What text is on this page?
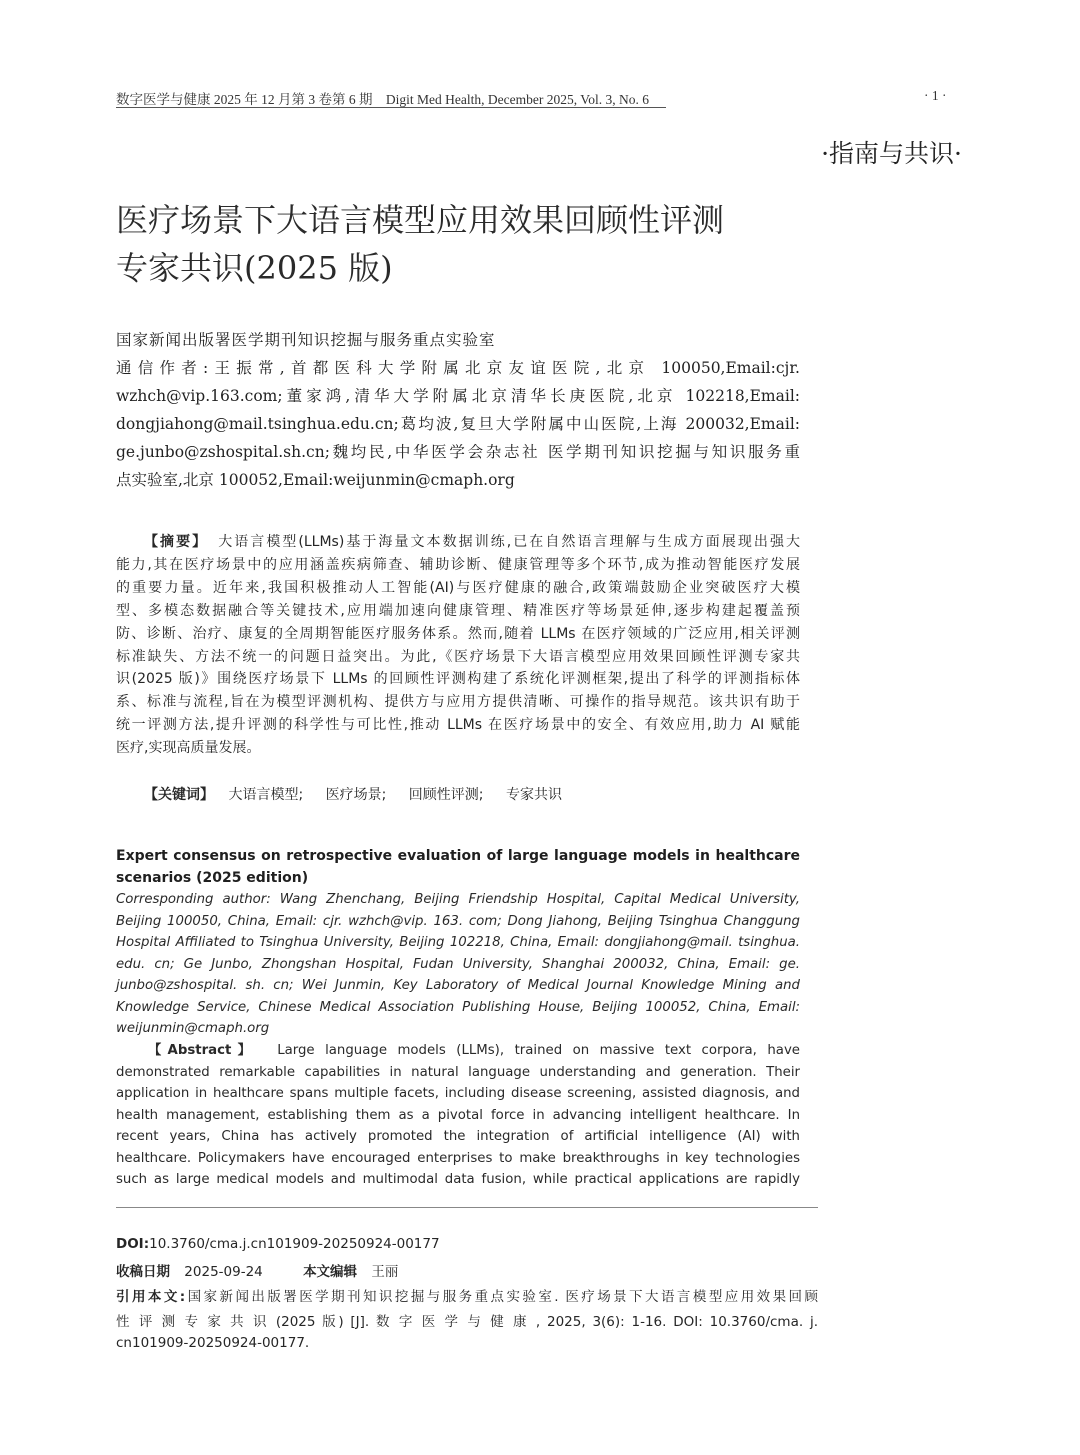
数字医学与健康 2025 年 12 月第 3 卷第 6 期 Digit Med Health, December 2025, Vol. 3, No. 6	· 1 ·
·指南与共识·
医疗场景下大语言模型应用效果回顾性评测
专家共识(2025 版)
国家新闻出版署医学期刊知识挖掘与服务重点实验室
通信作者:王振常,首都医科大学附属北京友谊医院,北京 100050,Email:cjr.
wzhch@vip.163.com;董家鸿,清华大学附属北京清华长庚医院,北京 102218,Email:
dongjiahong@mail.tsinghua.edu.cn;葛均波,复旦大学附属中山医院,上海 200032,Email:
ge.junbo@zshospital.sh.cn;魏均民,中华医学会杂志社 医学期刊知识挖掘与知识服务重
点实验室,北京 100052,Email:weijunmin@cmaph.org
【摘要】 大语言模型(LLMs)基于海量文本数据训练,已在自然语言理解与生成方面展现出强大
能力,其在医疗场景中的应用涵盖疾病筛查、辅助诊断、健康管理等多个环节,成为推动智能医疗发展
的重要力量。近年来,我国积极推动人工智能(AI)与医疗健康的融合,政策端鼓励企业突破医疗大模
型、多模态数据融合等关键技术,应用端加速向健康管理、精准医疗等场景延伸,逐步构建起覆盖预
防、诊断、治疗、康复的全周期智能医疗服务体系。然而,随着 LLMs 在医疗领域的广泛应用,相关评测
标准缺失、方法不统一的问题日益突出。为此,《医疗场景下大语言模型应用效果回顾性评测专家共
识(2025 版)》围绕医疗场景下 LLMs 的回顾性评测构建了系统化评测框架,提出了科学的评测指标体
系、标准与流程,旨在为模型评测机构、提供方与应用方提供清晰、可操作的指导规范。该共识有助于
统一评测方法,提升评测的科学性与可比性,推动 LLMs 在医疗场景中的安全、有效应用,助力 AI 赋能
医疗,实现高质量发展。
【关键词】 大语言模型; 医疗场景; 回顾性评测; 专家共识
Expert consensus on retrospective evaluation of large language models in healthcare
scenarios (2025 edition)
Corresponding author: Wang Zhenchang, Beijing Friendship Hospital, Capital Medical University,
Beijing 100050, China, Email: cjr. wzhch@vip. 163. com; Dong Jiahong, Beijing Tsinghua Changgung
Hospital Affiliated to Tsinghua University, Beijing 102218, China, Email: dongjiahong@mail. tsinghua.
edu. cn; Ge Junbo, Zhongshan Hospital, Fudan University, Shanghai 200032, China, Email: ge.
junbo@zshospital. sh. cn; Wei Junmin, Key Laboratory of Medical Journal Knowledge Mining and
Knowledge Service, Chinese Medical Association Publishing House, Beijing 100052, China, Email:
weijunmin@cmaph.org
【Abstract】 Large language models (LLMs), trained on massive text corpora, have
demonstrated remarkable capabilities in natural language understanding and generation. Their
application in healthcare spans multiple facets, including disease screening, assisted diagnosis, and
health management, establishing them as a pivotal force in advancing intelligent healthcare. In
recent years, China has actively promoted the integration of artificial intelligence (AI) with
healthcare. Policymakers have encouraged enterprises to make breakthroughs in key technologies
such as large medical models and multimodal data fusion, while practical applications are rapidly
DOI:10.3760/cma.j.cn101909-20250924-00177
收稿日期 2025-09-24	本文编辑 王丽
引用本文:国家新闻出版署医学期刊知识挖掘与服务重点实验室. 医疗场景下大语言模型应用效果回顾
性 评 测 专 家 共 识 (2025 版) [J]. 数 字 医 学 与 健 康 , 2025, 3(6): 1-16. DOI: 10.3760/cma. j.
cn101909-20250924-00177.
